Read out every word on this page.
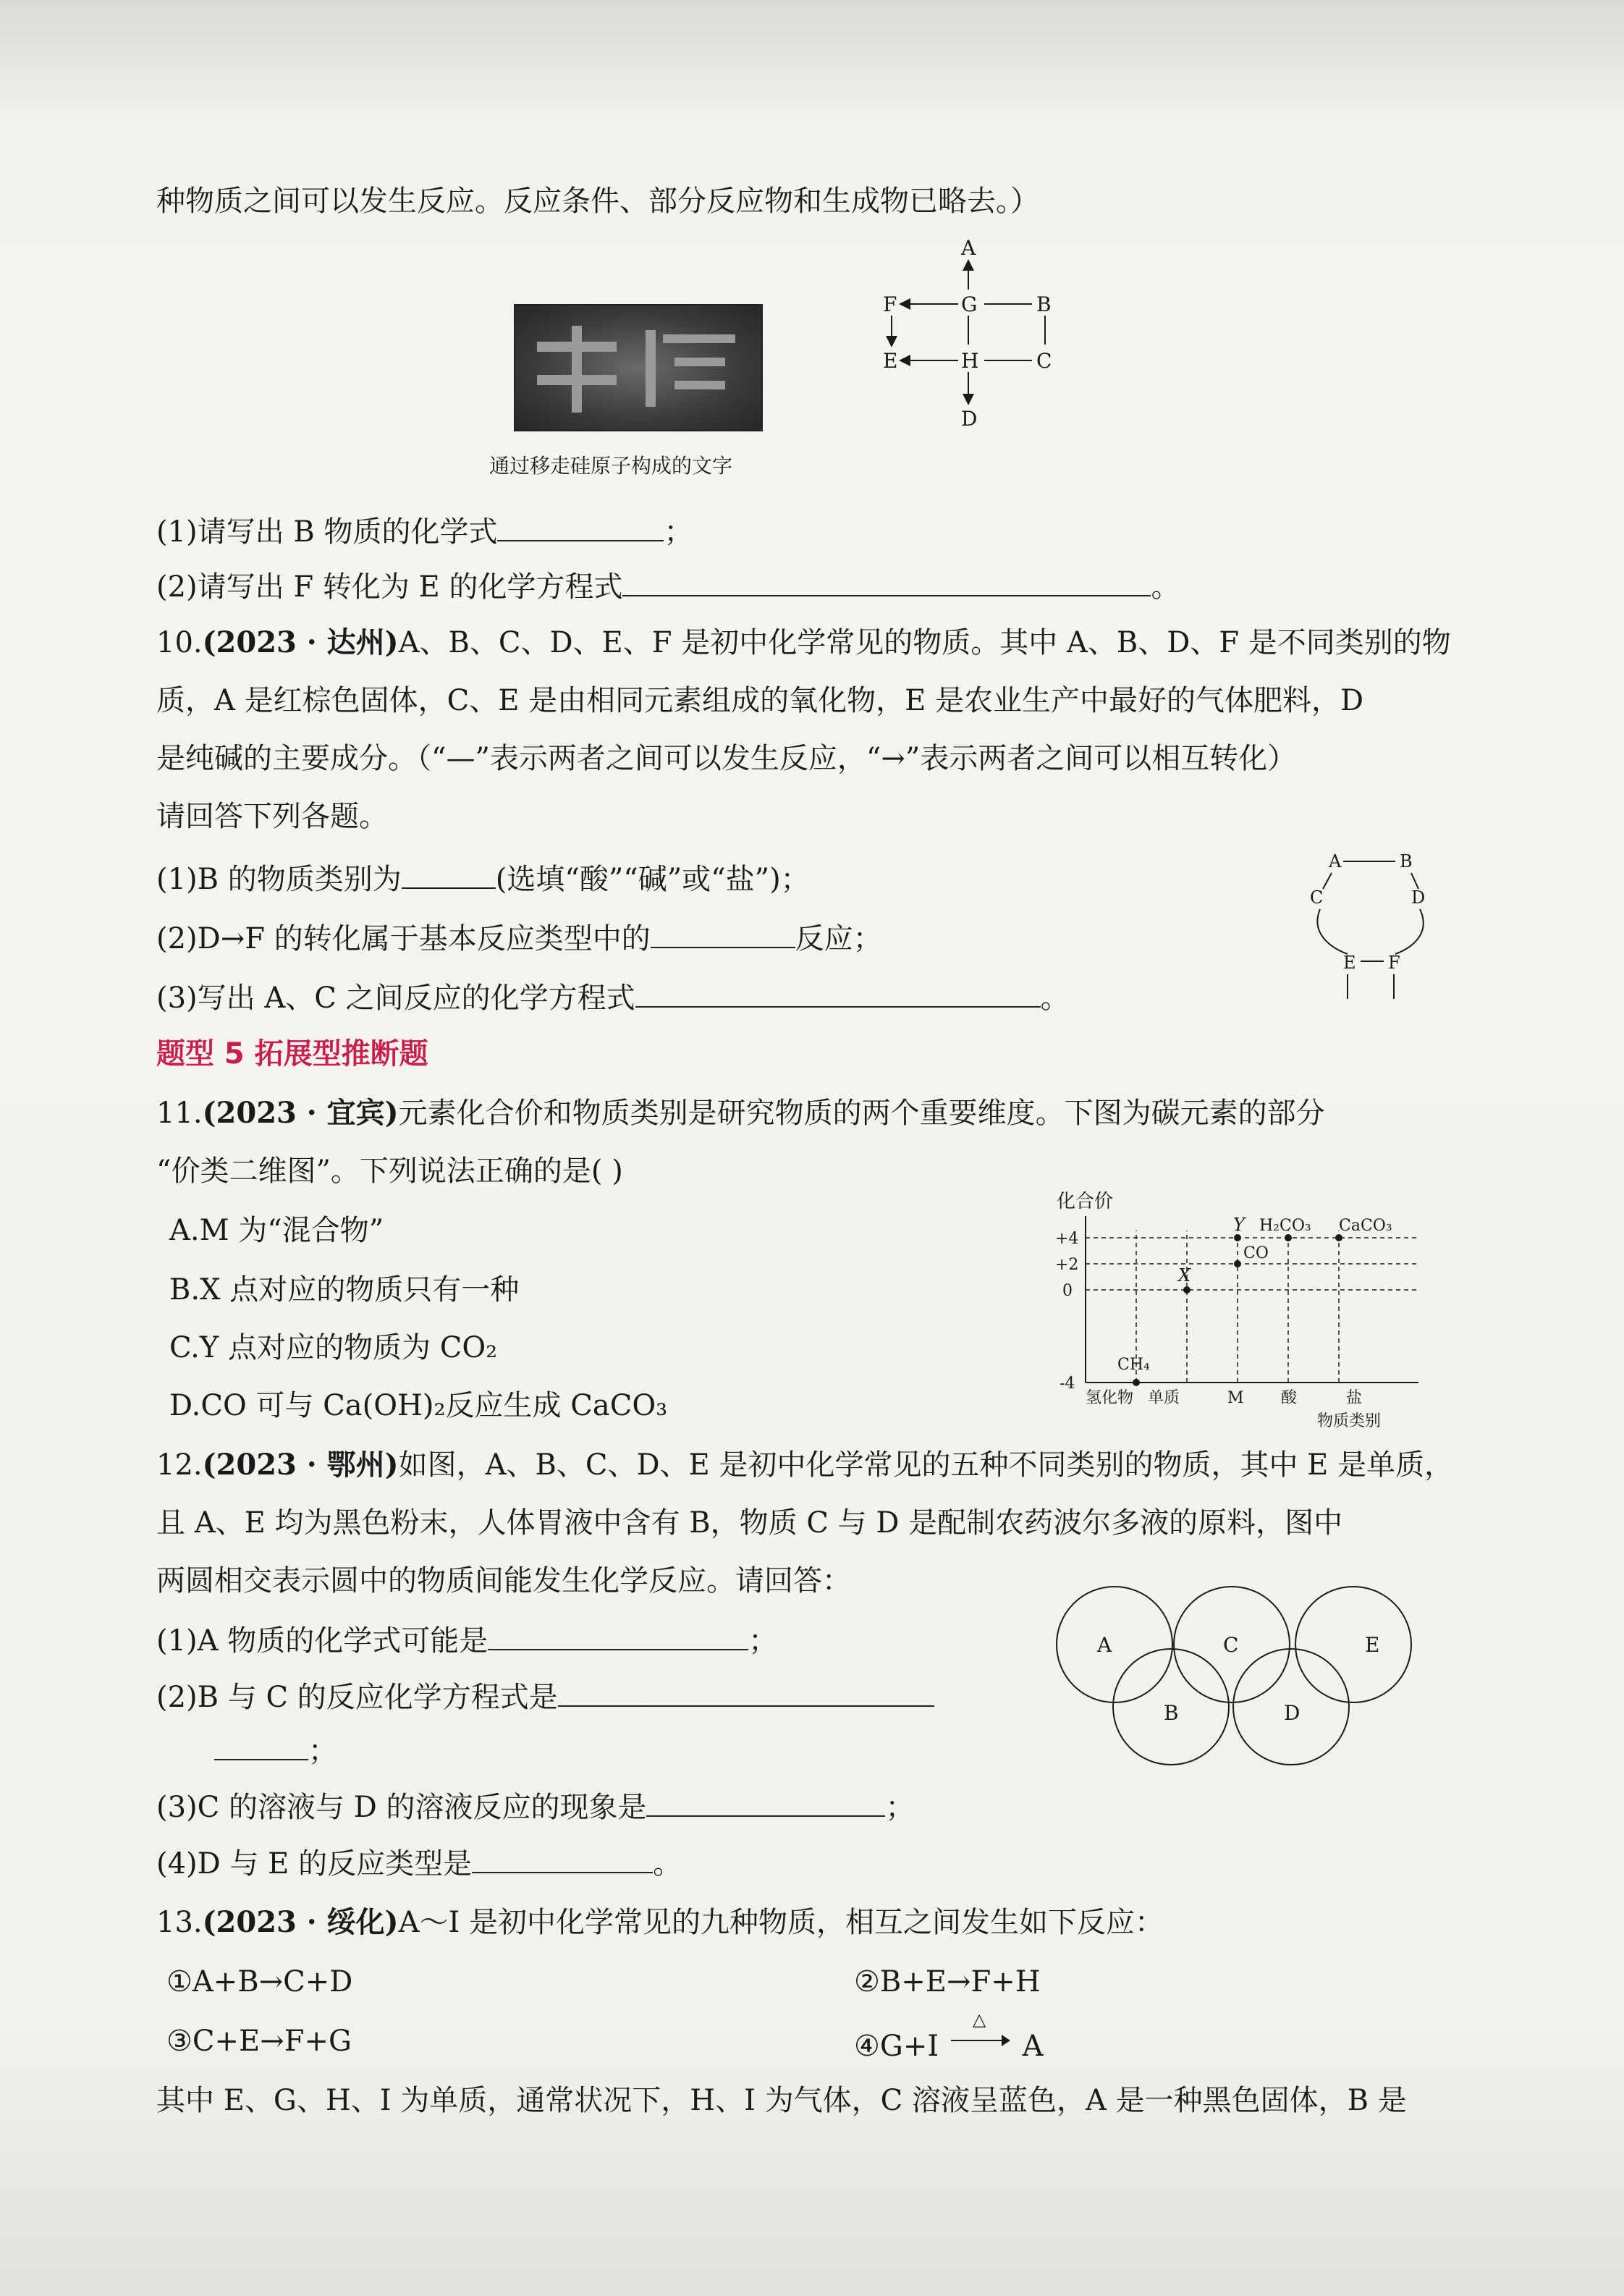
种物质之间可以发生反应。反应条件、部分反应物和生成物已略去。）
通过移走硅原子构成的文字
A
F	G	B
E	H	C
D
(1)请写出 B 物质的化学式	；
(2)请写出 F 转化为 E 的化学方程式	。
10.(2023 · 达州)A、B、C、D、E、F 是初中化学常见的物质。其中 A、B、D、F 是不同类别的物
质，A 是红棕色固体，C、E 是由相同元素组成的氧化物，E 是农业生产中最好的气体肥料，D
是纯碱的主要成分。（“—”表示两者之间可以发生反应，“→”表示两者之间可以相互转化）
请回答下列各题。
(1)B 的物质类别为	(选填“酸”“碱”或“盐”)；
(2)D→F 的转化属于基本反应类型中的	反应；
(3)写出 A、C 之间反应的化学方程式	。
A	B
C	D
E F
题型 5 拓展型推断题
11.(2023 · 宜宾)元素化合价和物质类别是研究物质的两个重要维度。下图为碳元素的部分
“价类二维图”。下列说法正确的是( )
A.M 为“混合物”
B.X 点对应的物质只有一种
C.Y 点对应的物质为 CO₂
D.CO 可与 Ca(OH)₂反应生成 CaCO₃
化合价
+4
+2
0
-4
氢化物 单质	M 酸	盐
物质类别
Y H₂CO₃ CaCO₃
CO
X
CH₄
12.(2023 · 鄂州)如图，A、B、C、D、E 是初中化学常见的五种不同类别的物质，其中 E 是单质，
且 A、E 均为黑色粉末，人体胃液中含有 B，物质 C 与 D 是配制农药波尔多液的原料，图中
两圆相交表示圆中的物质间能发生化学反应。请回答：
(1)A 物质的化学式可能是	；
(2)B 与 C 的反应化学方程式是
；
(3)C 的溶液与 D 的溶液反应的现象是	；
(4)D 与 E 的反应类型是	。
A
B
C
D
E
13.(2023 · 绥化)A～I 是初中化学常见的九种物质，相互之间发生如下反应：
①A+B→C+D	②B+E→F+H
③C+E→F+G	④G+I
△
A
其中 E、G、H、I 为单质，通常状况下，H、I 为气体，C 溶液呈蓝色，A 是一种黑色固体，B 是
